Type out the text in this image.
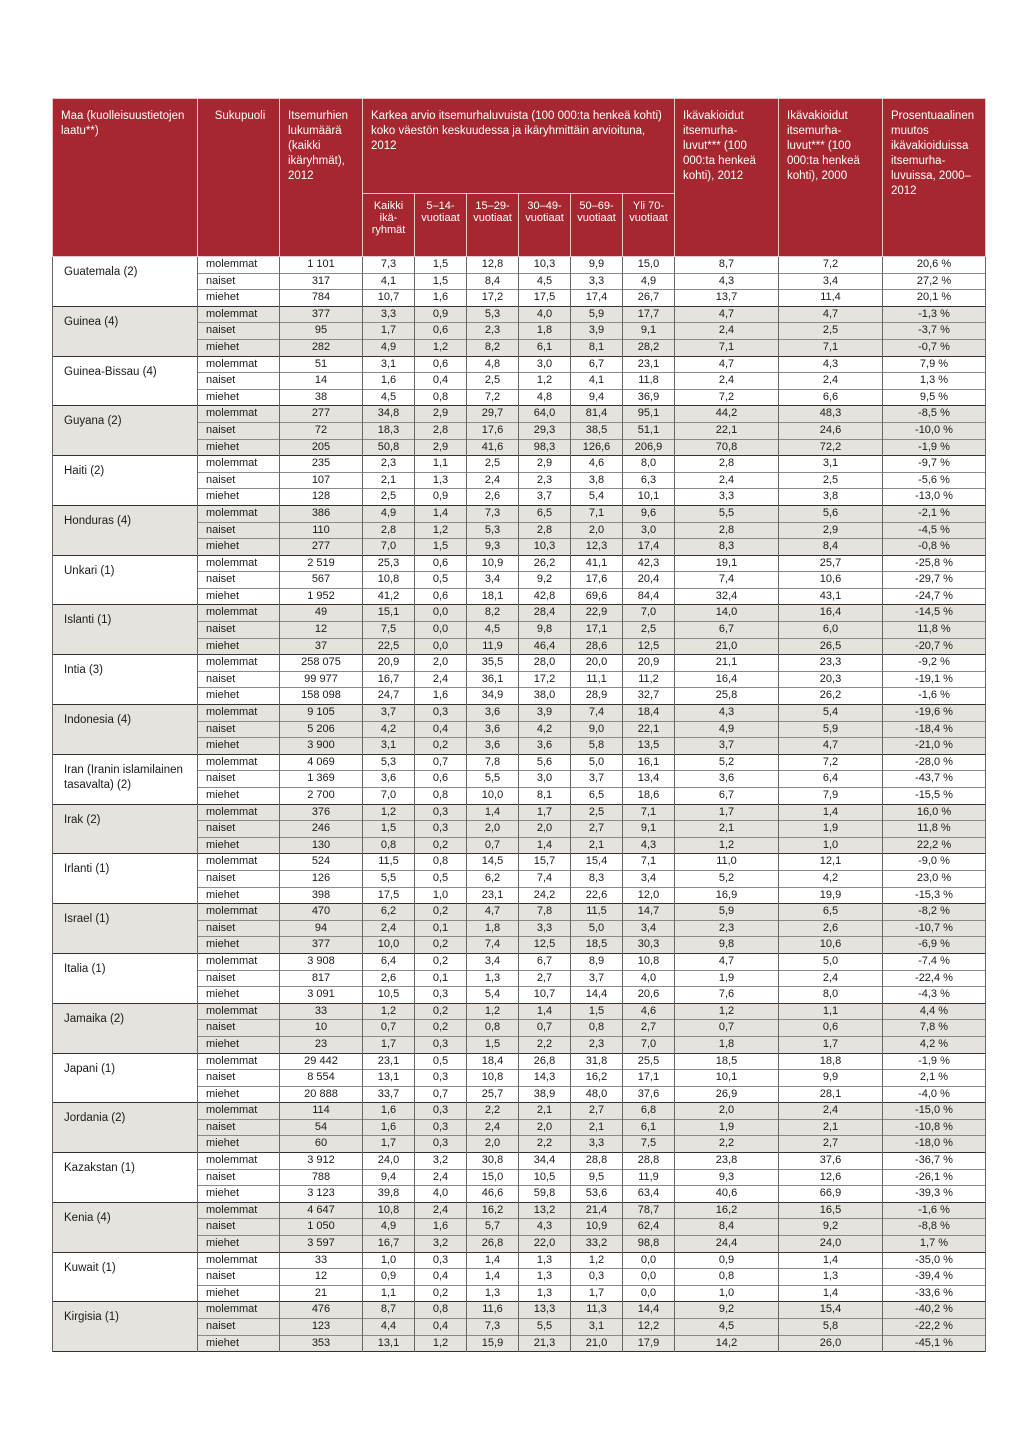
Maa (kuolleisuustietojen laatu**)	Sukupuoli	Itsemurhien lukumäärä (kaikki ikäryhmät), 2012	Karkea arvio itsemurhaluvuista (100 000:ta henkeä kohti) koko väestön keskuudessa ja ikäryhmittäin arvioituna, 2012						Ikävakioidut itsemurha-luvut*** (100 000:ta henkeä kohti), 2012	Ikävakioidut itsemurha-luvut*** (100 000:ta henkeä kohti), 2000	Prosentuaalinen muutos ikävakioiduissa itsemurha-luvuissa, 2000–2012
			Kaikki ikä-ryhmät	5–14-vuotiaat	15–29-vuotiaat	30–49-vuotiaat	50–69-vuotiaat	Yli 70-vuotiaat			
Guatemala (2)	molemmat	1 101	7,3	1,5	12,8	10,3	9,9	15,0	8,7	7,2	20,6 %
	naiset	317	4,1	1,5	8,4	4,5	3,3	4,9	4,3	3,4	27,2 %
	miehet	784	10,7	1,6	17,2	17,5	17,4	26,7	13,7	11,4	20,1 %
Guinea (4)	molemmat	377	3,3	0,9	5,3	4,0	5,9	17,7	4,7	4,7	-1,3 %
	naiset	95	1,7	0,6	2,3	1,8	3,9	9,1	2,4	2,5	-3,7 %
	miehet	282	4,9	1,2	8,2	6,1	8,1	28,2	7,1	7,1	-0,7 %
Guinea-Bissau (4)	molemmat	51	3,1	0,6	4,8	3,0	6,7	23,1	4,7	4,3	7,9 %
	naiset	14	1,6	0,4	2,5	1,2	4,1	11,8	2,4	2,4	1,3 %
	miehet	38	4,5	0,8	7,2	4,8	9,4	36,9	7,2	6,6	9,5 %
Guyana (2)	molemmat	277	34,8	2,9	29,7	64,0	81,4	95,1	44,2	48,3	-8,5 %
	naiset	72	18,3	2,8	17,6	29,3	38,5	51,1	22,1	24,6	-10,0 %
	miehet	205	50,8	2,9	41,6	98,3	126,6	206,9	70,8	72,2	-1,9 %
Haiti (2)	molemmat	235	2,3	1,1	2,5	2,9	4,6	8,0	2,8	3,1	-9,7 %
	naiset	107	2,1	1,3	2,4	2,3	3,8	6,3	2,4	2,5	-5,6 %
	miehet	128	2,5	0,9	2,6	3,7	5,4	10,1	3,3	3,8	-13,0 %
Honduras (4)	molemmat	386	4,9	1,4	7,3	6,5	7,1	9,6	5,5	5,6	-2,1 %
	naiset	110	2,8	1,2	5,3	2,8	2,0	3,0	2,8	2,9	-4,5 %
	miehet	277	7,0	1,5	9,3	10,3	12,3	17,4	8,3	8,4	-0,8 %
Unkari (1)	molemmat	2 519	25,3	0,6	10,9	26,2	41,1	42,3	19,1	25,7	-25,8 %
	naiset	567	10,8	0,5	3,4	9,2	17,6	20,4	7,4	10,6	-29,7 %
	miehet	1 952	41,2	0,6	18,1	42,8	69,6	84,4	32,4	43,1	-24,7 %
Islanti (1)	molemmat	49	15,1	0,0	8,2	28,4	22,9	7,0	14,0	16,4	-14,5 %
	naiset	12	7,5	0,0	4,5	9,8	17,1	2,5	6,7	6,0	11,8 %
	miehet	37	22,5	0,0	11,9	46,4	28,6	12,5	21,0	26,5	-20,7 %
Intia (3)	molemmat	258 075	20,9	2,0	35,5	28,0	20,0	20,9	21,1	23,3	-9,2 %
	naiset	99 977	16,7	2,4	36,1	17,2	11,1	11,2	16,4	20,3	-19,1 %
	miehet	158 098	24,7	1,6	34,9	38,0	28,9	32,7	25,8	26,2	-1,6 %
Indonesia (4)	molemmat	9 105	3,7	0,3	3,6	3,9	7,4	18,4	4,3	5,4	-19,6 %
	naiset	5 206	4,2	0,4	3,6	4,2	9,0	22,1	4,9	5,9	-18,4 %
	miehet	3 900	3,1	0,2	3,6	3,6	5,8	13,5	3,7	4,7	-21,0 %
Iran (Iranin islamilainen tasavalta) (2)	molemmat	4 069	5,3	0,7	7,8	5,6	5,0	16,1	5,2	7,2	-28,0 %
	naiset	1 369	3,6	0,6	5,5	3,0	3,7	13,4	3,6	6,4	-43,7 %
	miehet	2 700	7,0	0,8	10,0	8,1	6,5	18,6	6,7	7,9	-15,5 %
Irak (2)	molemmat	376	1,2	0,3	1,4	1,7	2,5	7,1	1,7	1,4	16,0 %
	naiset	246	1,5	0,3	2,0	2,0	2,7	9,1	2,1	1,9	11,8 %
	miehet	130	0,8	0,2	0,7	1,4	2,1	4,3	1,2	1,0	22,2 %
Irlanti (1)	molemmat	524	11,5	0,8	14,5	15,7	15,4	7,1	11,0	12,1	-9,0 %
	naiset	126	5,5	0,5	6,2	7,4	8,3	3,4	5,2	4,2	23,0 %
	miehet	398	17,5	1,0	23,1	24,2	22,6	12,0	16,9	19,9	-15,3 %
Israel (1)	molemmat	470	6,2	0,2	4,7	7,8	11,5	14,7	5,9	6,5	-8,2 %
	naiset	94	2,4	0,1	1,8	3,3	5,0	3,4	2,3	2,6	-10,7 %
	miehet	377	10,0	0,2	7,4	12,5	18,5	30,3	9,8	10,6	-6,9 %
Italia (1)	molemmat	3 908	6,4	0,2	3,4	6,7	8,9	10,8	4,7	5,0	-7,4 %
	naiset	817	2,6	0,1	1,3	2,7	3,7	4,0	1,9	2,4	-22,4 %
	miehet	3 091	10,5	0,3	5,4	10,7	14,4	20,6	7,6	8,0	-4,3 %
Jamaika (2)	molemmat	33	1,2	0,2	1,2	1,4	1,5	4,6	1,2	1,1	4,4 %
	naiset	10	0,7	0,2	0,8	0,7	0,8	2,7	0,7	0,6	7,8 %
	miehet	23	1,7	0,3	1,5	2,2	2,3	7,0	1,8	1,7	4,2 %
Japani (1)	molemmat	29 442	23,1	0,5	18,4	26,8	31,8	25,5	18,5	18,8	-1,9 %
	naiset	8 554	13,1	0,3	10,8	14,3	16,2	17,1	10,1	9,9	2,1 %
	miehet	20 888	33,7	0,7	25,7	38,9	48,0	37,6	26,9	28,1	-4,0 %
Jordania (2)	molemmat	114	1,6	0,3	2,2	2,1	2,7	6,8	2,0	2,4	-15,0 %
	naiset	54	1,6	0,3	2,4	2,0	2,1	6,1	1,9	2,1	-10,8 %
	miehet	60	1,7	0,3	2,0	2,2	3,3	7,5	2,2	2,7	-18,0 %
Kazakstan (1)	molemmat	3 912	24,0	3,2	30,8	34,4	28,8	28,8	23,8	37,6	-36,7 %
	naiset	788	9,4	2,4	15,0	10,5	9,5	11,9	9,3	12,6	-26,1 %
	miehet	3 123	39,8	4,0	46,6	59,8	53,6	63,4	40,6	66,9	-39,3 %
Kenia (4)	molemmat	4 647	10,8	2,4	16,2	13,2	21,4	78,7	16,2	16,5	-1,6 %
	naiset	1 050	4,9	1,6	5,7	4,3	10,9	62,4	8,4	9,2	-8,8 %
	miehet	3 597	16,7	3,2	26,8	22,0	33,2	98,8	24,4	24,0	1,7 %
Kuwait (1)	molemmat	33	1,0	0,3	1,4	1,3	1,2	0,0	0,9	1,4	-35,0 %
	naiset	12	0,9	0,4	1,4	1,3	0,3	0,0	0,8	1,3	-39,4 %
	miehet	21	1,1	0,2	1,3	1,3	1,7	0,0	1,0	1,4	-33,6 %
Kirgisia (1)	molemmat	476	8,7	0,8	11,6	13,3	11,3	14,4	9,2	15,4	-40,2 %
	naiset	123	4,4	0,4	7,3	5,5	3,1	12,2	4,5	5,8	-22,2 %
	miehet	353	13,1	1,2	15,9	21,3	21,0	17,9	14,2	26,0	-45,1 %
